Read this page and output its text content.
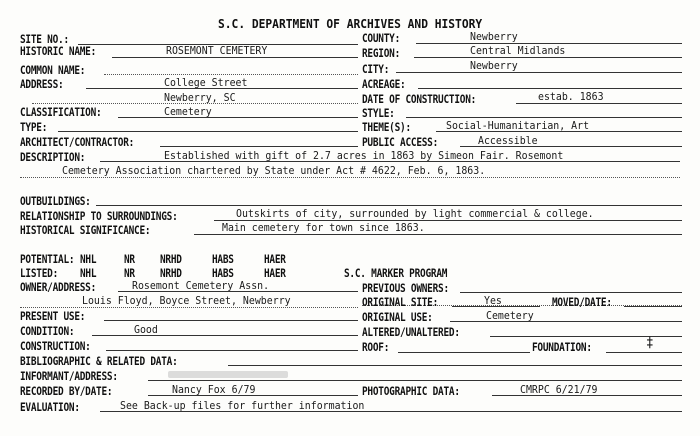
S.C. DEPARTMENT OF ARCHIVES AND HISTORY
SITE NO.:
HISTORIC NAME:	ROSEMONT CEMETERY
COMMON NAME:
ADDRESS:	College Street
Newberry, SC
CLASSIFICATION:	Cemetery
TYPE:
ARCHITECT/CONTRACTOR:
DESCRIPTION:	Established with gift of 2.7 acres in 1863 by Simeon Fair. Rosemont
Cemetery Association chartered by State under Act # 4622, Feb. 6, 1863.
COUNTY:	Newberry
REGION:	Central Midlands
CITY:	Newberry
ACREAGE:
DATE OF CONSTRUCTION:	estab. 1863
STYLE:
THEME(S):	Social-Humanitarian, Art
PUBLIC ACCESS:	Accessible
OUTBUILDINGS:
RELATIONSHIP TO SURROUNDINGS:	Outskirts of city, surrounded by light commercial & college.
HISTORICAL SIGNIFICANCE:	Main cemetery for town since 1863.
POTENTIAL: NHL NR NRHD	HABS	HAER
LISTED: NHL NR NRHD	HABS	HAER
OWNER/ADDRESS:	Rosemont Cemetery Assn.
Louis Floyd, Boyce Street, Newberry
PRESENT USE:
CONDITION:	Good
CONSTRUCTION:
BIBLIOGRAPHIC & RELATED DATA:
INFORMANT/ADDRESS:
RECORDED BY/DATE:	Nancy Fox 6/79
EVALUATION:	See Back-up files for further information
S.C. MARKER PROGRAM
PREVIOUS OWNERS:
ORIGINAL SITE:	Yes	MOVED/DATE:
ORIGINAL USE:	Cemetery
ALTERED/UNALTERED:
ROOF:	FOUNDATION:	‡
PHOTOGRAPHIC DATA:	CMRPC 6/21/79
